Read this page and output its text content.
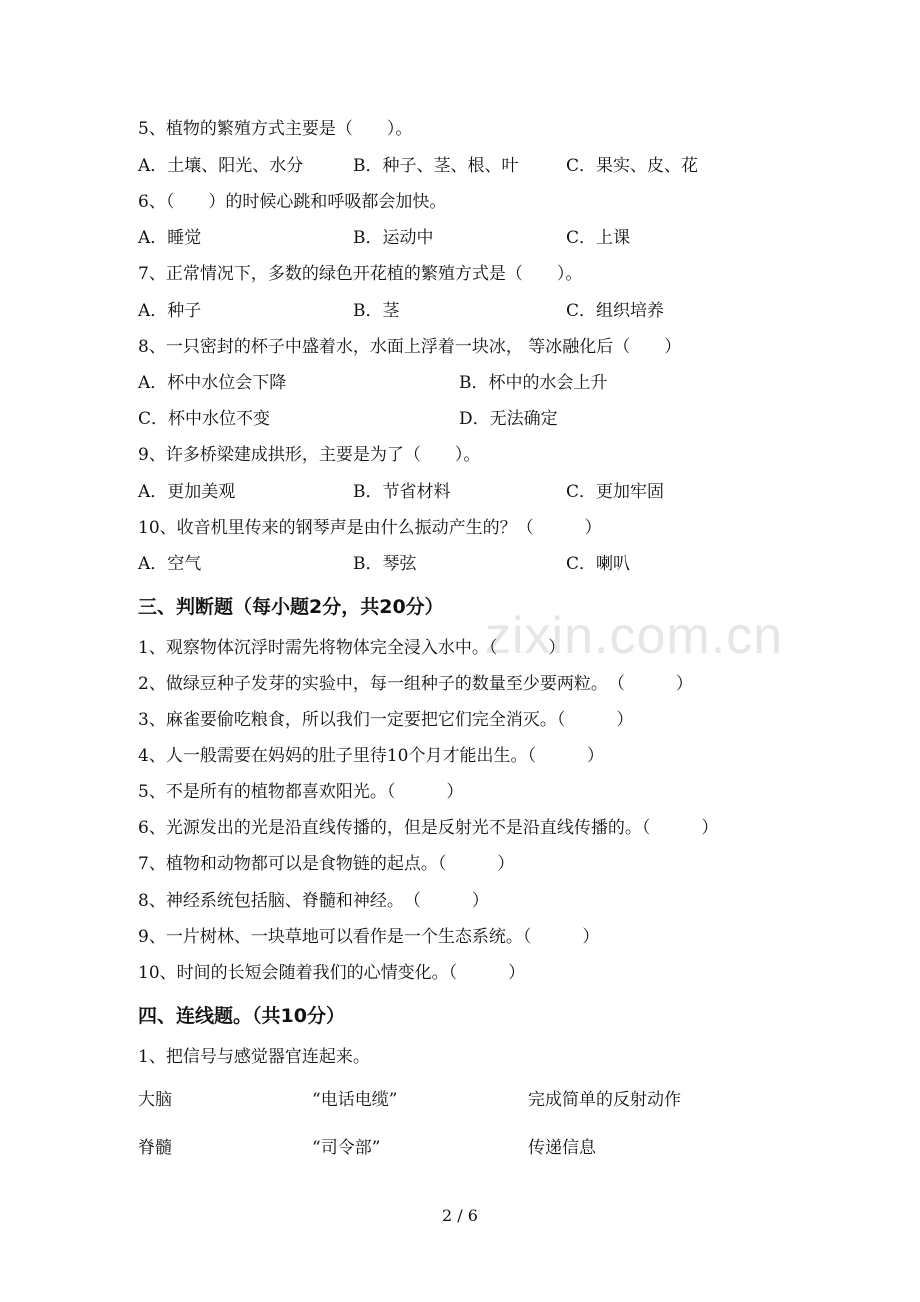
zixin.com.cn
5、植物的繁殖方式主要是（　　）。
A．土壤、阳光、水分	B．种子、茎、根、叶	C．果实、皮、花
6、（　　）的时候心跳和呼吸都会加快。
A．睡觉	B．运动中	C．上课
7、正常情况下，多数的绿色开花植的繁殖方式是（　　）。
A．种子	B．茎	C．组织培养
8、一只密封的杯子中盛着水，水面上浮着一块冰， 等冰融化后（　　）
A．杯中水位会下降	B．杯中的水会上升
C．杯中水位不变	D．无法确定
9、许多桥梁建成拱形，主要是为了（　　）。
A．更加美观	B．节省材料	C．更加牢固
10、收音机里传来的钢琴声是由什么振动产生的？（　　　）
A．空气	B．琴弦	C．喇叭
三、判断题（每小题2分，共20分）
1、观察物体沉浮时需先将物体完全浸入水中。（　　　）
2、做绿豆种子发芽的实验中，每一组种子的数量至少要两粒。　（　　　）
3、麻雀要偷吃粮食，所以我们一定要把它们完全消灭。（　　　）
4、人一般需要在妈妈的肚子里待10个月才能出生。（　　　）
5、不是所有的植物都喜欢阳光。（　　　）
6、光源发出的光是沿直线传播的，但是反射光不是沿直线传播的。（　　　）
7、植物和动物都可以是食物链的起点。（　　　）
8、神经系统包括脑、脊髓和神经。　（　　　）
9、一片树林、一块草地可以看作是一个生态系统。（　　　）
10、时间的长短会随着我们的心情变化。（　　　）
四、连线题。（共10分）
1、把信号与感觉器官连起来。
大脑	“电话电缆”	完成简单的反射动作
脊髓	“司令部”	传递信息
2 / 6
